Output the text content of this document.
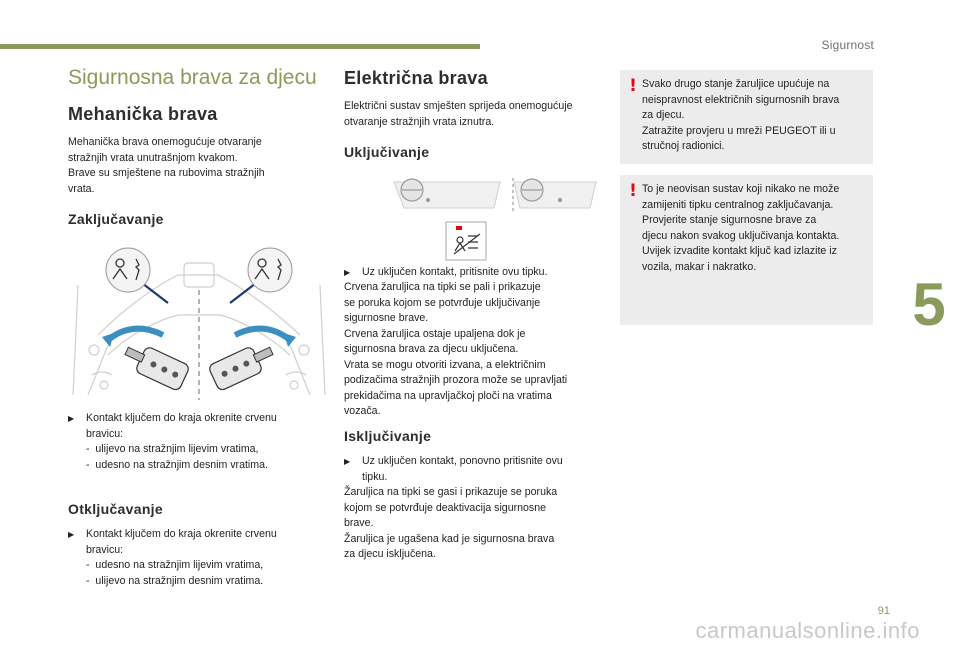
Sigurnost
5
91
carmanualsonline.info
Sigurnosna brava za djecu
Mehanička brava

Mehanička brava onemogućuje otvaranje
stražnjih vrata unutrašnjom kvakom.
Brave su smještene na rubovima stražnjih
vrata.

Zaključavanje
▶	Kontakt ključem do kraja okrenite crvenu
bravicu:
-  ulijevo na stražnjim lijevim vratima,
-  udesno na stražnjim desnim vratima.
Otključavanje
▶	Kontakt ključem do kraja okrenite crvenu
bravicu:
-  udesno na stražnjim lijevim vratima,
-  ulijevo na stražnjim desnim vratima.
Električna brava

Električni sustav smješten sprijeda onemogućuje
otvaranje stražnjih vrata iznutra.

Uključivanje
▶	Uz uključen kontakt, pritisnite ovu tipku.

Crvena žaruljica na tipki se pali i prikazuje
se poruka kojom se potvrđuje uključivanje
sigurnosne brave.
Crvena žaruljica ostaje upaljena dok je
sigurnosna brava za djecu uključena.
Vrata se mogu otvoriti izvana, a električnim
podizačima stražnjih prozora može se upravljati
prekidačima na upravljačkoj ploči na vratima
vozača.

Isključivanje
▶	Uz uključen kontakt, ponovno pritisnite ovu
tipku.

Žaruljica na tipki se gasi i prikazuje se poruka
kojom se potvrđuje deaktivacija sigurnosne
brave.
Žaruljica je ugašena kad je sigurnosna brava
za djecu isključena.

! Svako drugo stanje žaruljice upućuje na
neispravnost električnih sigurnosnih brava
za djecu.
Zatražite provjeru u mreži PEUGEOT ili u
stručnoj radionici.
! To je neovisan sustav koji nikako ne može
zamijeniti tipku centralnog zaključavanja.
Provjerite stanje sigurnosne brave za
djecu nakon svakog uključivanja kontakta.
Uvijek izvadite kontakt ključ kad izlazite iz
vozila, makar i nakratko.
